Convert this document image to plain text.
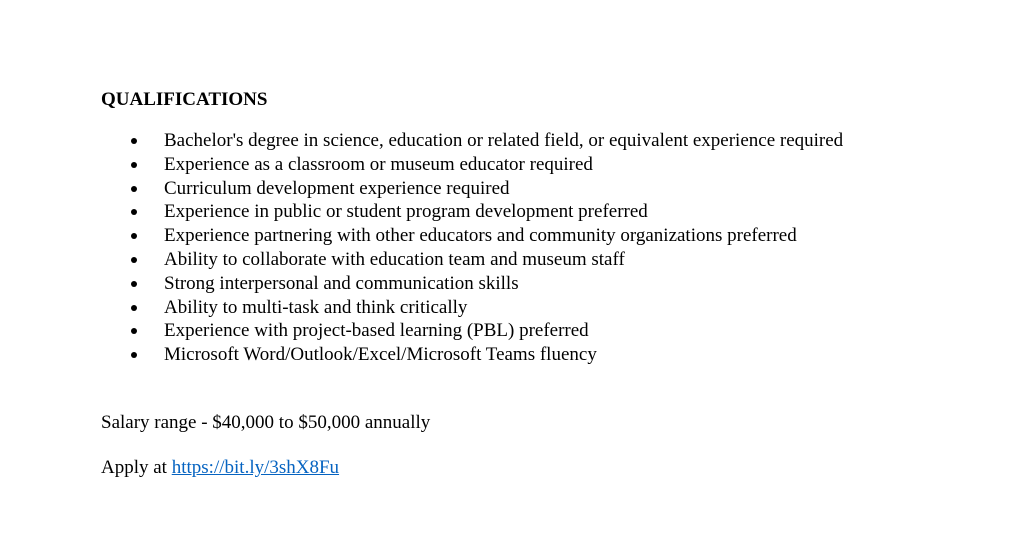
QUALIFICATIONS
Bachelor's degree in science, education or related field, or equivalent experience required
Experience as a classroom or museum educator required
Curriculum development experience required
Experience in public or student program development preferred
Experience partnering with other educators and community organizations preferred
Ability to collaborate with education team and museum staff
Strong interpersonal and communication skills
Ability to multi-task and think critically
Experience with project-based learning (PBL) preferred
Microsoft Word/Outlook/Excel/Microsoft Teams fluency
Salary range - $40,000 to $50,000 annually
Apply at https://bit.ly/3shX8Fu
